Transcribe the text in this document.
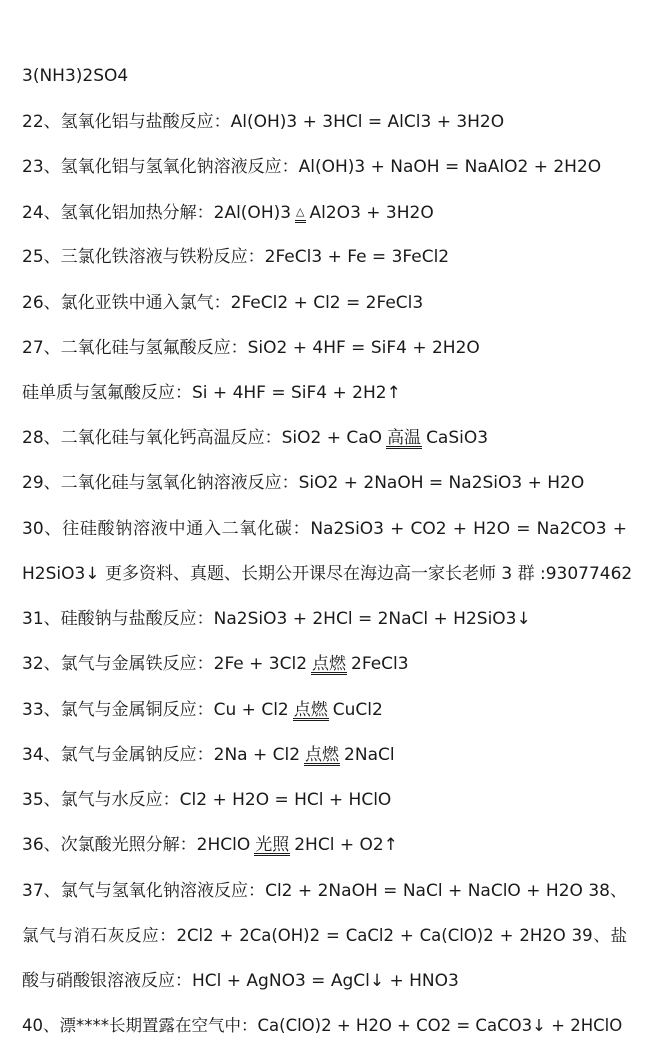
3(NH3)2SO4
22、氢氧化铝与盐酸反应：Al(OH)3 + 3HCl = AlCl3 + 3H2O
23、氢氧化铝与氢氧化钠溶液反应：Al(OH)3 + NaOH = NaAlO2 + 2H2O
24、氢氧化铝加热分解：2Al(OH)3 △ Al2O3 + 3H2O
25、三氯化铁溶液与铁粉反应：2FeCl3 + Fe = 3FeCl2
26、氯化亚铁中通入氯气：2FeCl2 + Cl2 = 2FeCl3
27、二氧化硅与氢氟酸反应：SiO2 + 4HF = SiF4 + 2H2O
硅单质与氢氟酸反应：Si + 4HF = SiF4 + 2H2↑
28、二氧化硅与氧化钙高温反应：SiO2 + CaO 高温 CaSiO3
29、二氧化硅与氢氧化钠溶液反应：SiO2 + 2NaOH = Na2SiO3 + H2O
30、往硅酸钠溶液中通入二氧化碳：Na2SiO3 + CO2 + H2O = Na2CO3 +
H2SiO3↓ 更多资料、真题、长期公开课尽在海边高一家长老师 3 群 :93077462
31、硅酸钠与盐酸反应：Na2SiO3 + 2HCl = 2NaCl + H2SiO3↓
32、氯气与金属铁反应：2Fe + 3Cl2 点燃 2FeCl3
33、氯气与金属铜反应：Cu + Cl2 点燃 CuCl2
34、氯气与金属钠反应：2Na + Cl2 点燃 2NaCl
35、氯气与水反应：Cl2 + H2O = HCl + HClO
36、次氯酸光照分解：2HClO 光照 2HCl + O2↑
37、氯气与氢氧化钠溶液反应：Cl2 + 2NaOH = NaCl + NaClO + H2O 38、
氯气与消石灰反应：2Cl2 + 2Ca(OH)2 = CaCl2 + Ca(ClO)2 + 2H2O 39、盐
酸与硝酸银溶液反应：HCl + AgNO3 = AgCl↓ + HNO3
40、漂****长期置露在空气中：Ca(ClO)2 + H2O + CO2 = CaCO3↓ + 2HClO
